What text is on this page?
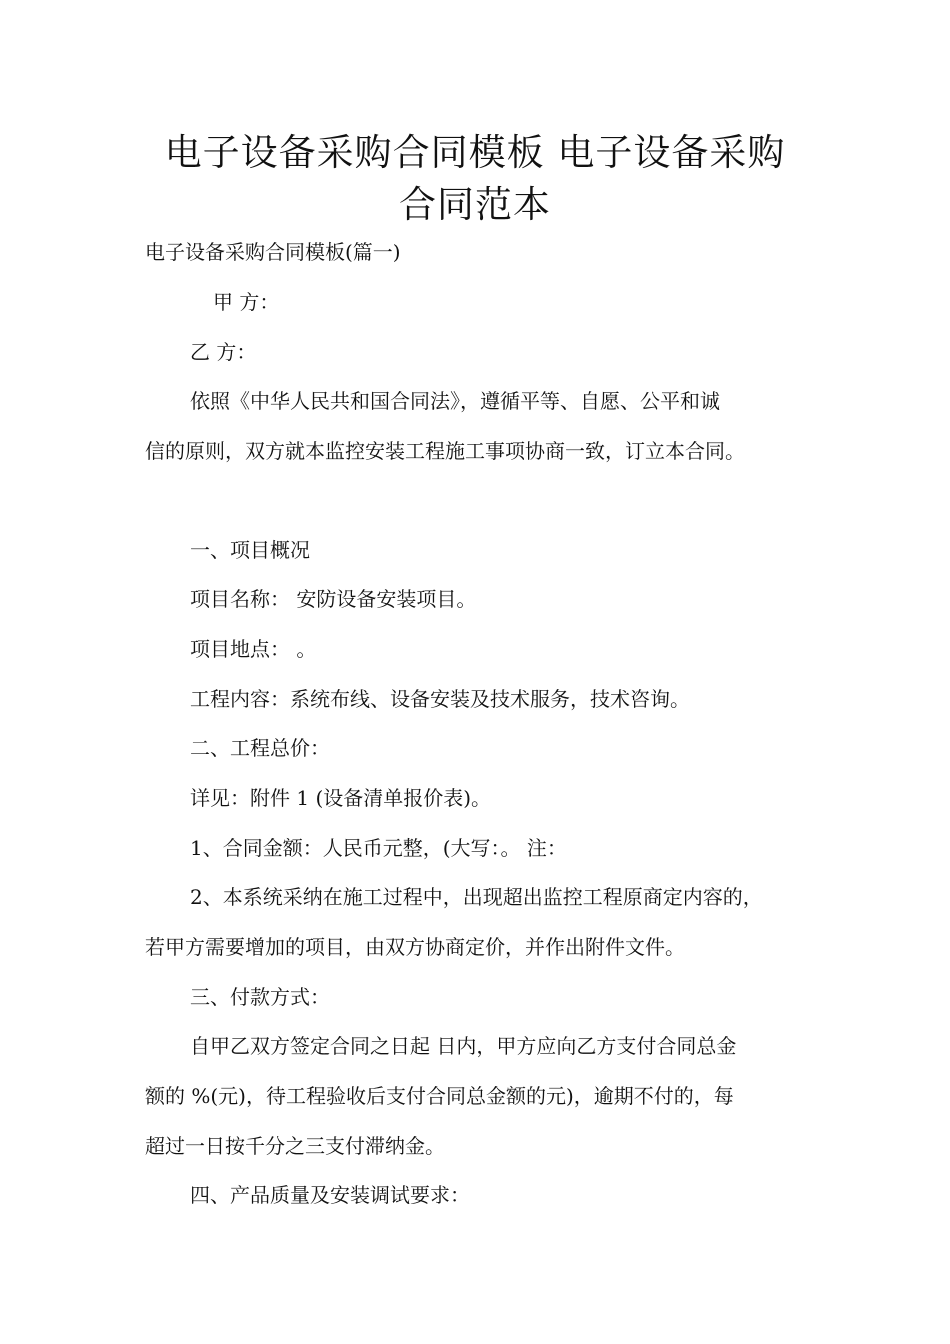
电子设备采购合同模板 电子设备采购
合同范本

电子设备采购合同模板(篇一)

甲 方：

乙 方：

依照《中华人民共和国合同法》，遵循平等、自愿、公平和诚

信的原则，双方就本监控安装工程施工事项协商一致，订立本合同。

一、项目概况

项目名称： 安防设备安装项目。

项目地点： 。

工程内容：系统布线、设备安装及技术服务，技术咨询。

二、工程总价：

详见：附件 1 (设备清单报价表)。

1、合同金额：人民币元整，(大写：。 注：

2、本系统采纳在施工过程中，出现超出监控工程原商定内容的，

若甲方需要增加的项目，由双方协商定价，并作出附件文件。

三、付款方式：

自甲乙双方签定合同之日起 日内，甲方应向乙方支付合同总金

额的 %(元)，待工程验收后支付合同总金额的元)，逾期不付的，每

超过一日按千分之三支付滞纳金。

四、产品质量及安装调试要求：
